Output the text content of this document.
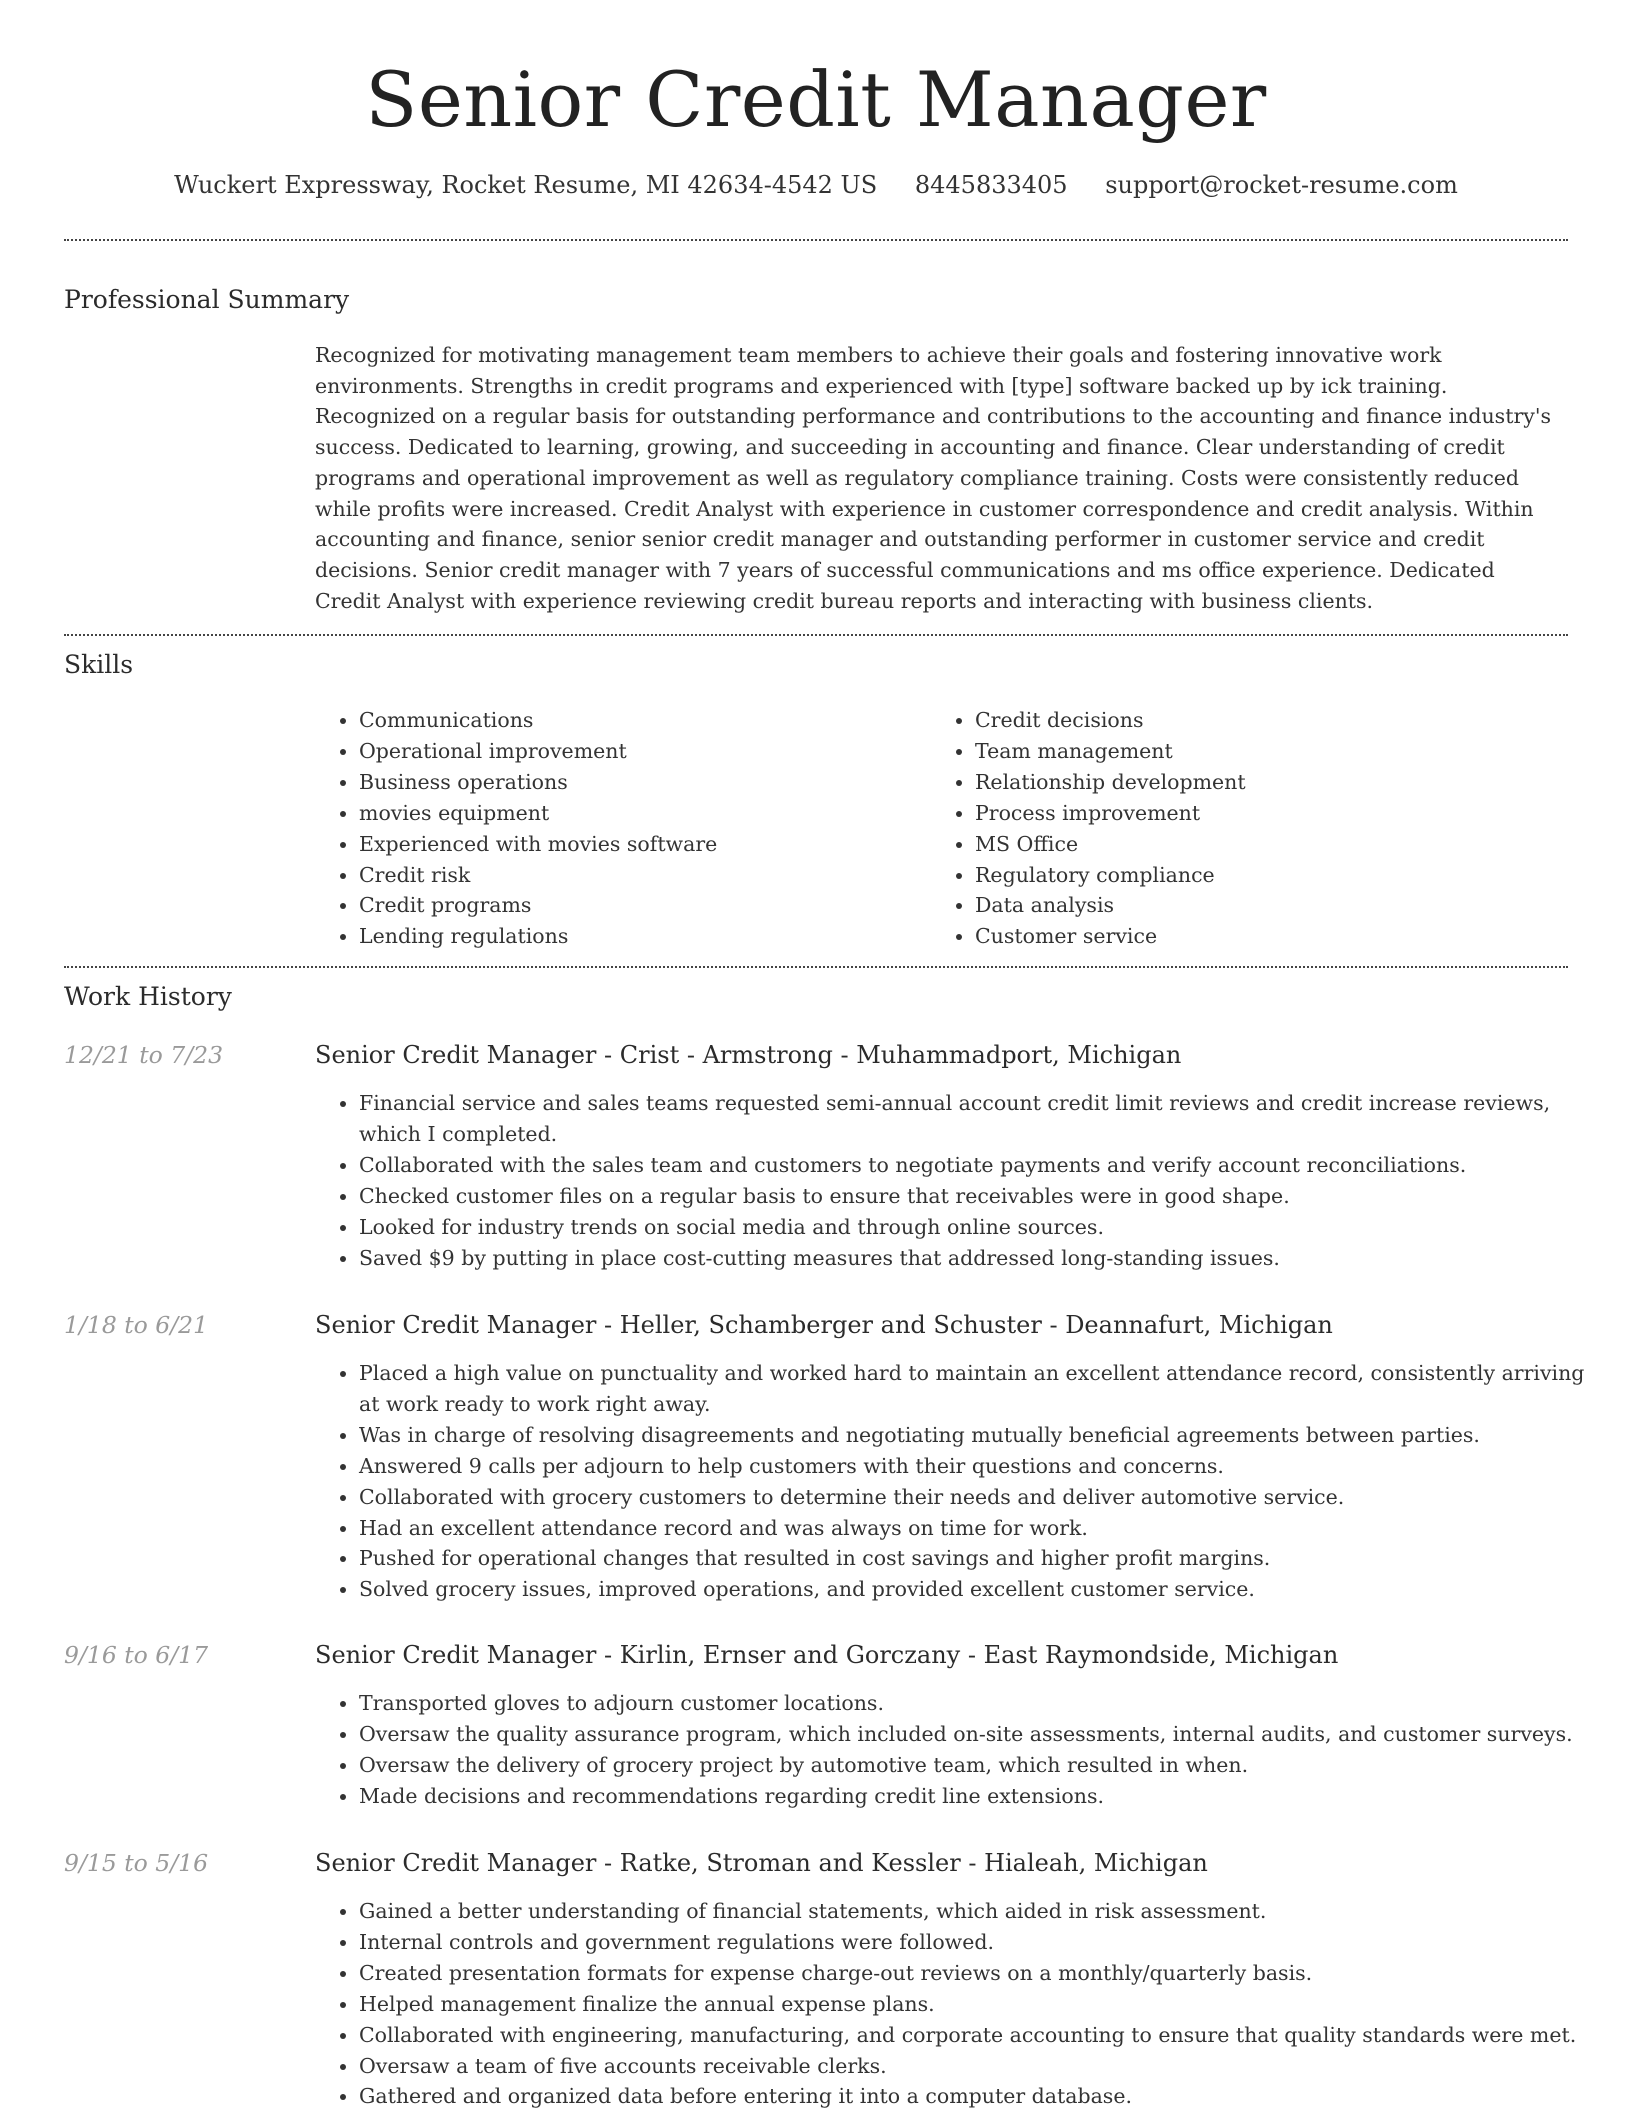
Senior Credit Manager
Wuckert Expressway, Rocket Resume, MI 42634-4542 US 8445833405 support@rocket-resume.com
Professional Summary

Recognized for motivating management team members to achieve their goals and fostering innovative work environments. Strengths in credit programs and experienced with [type] software backed up by ick training. Recognized on a regular basis for outstanding performance and contributions to the accounting and finance industry's success. Dedicated to learning, growing, and succeeding in accounting and finance. Clear understanding of credit programs and operational improvement as well as regulatory compliance training. Costs were consistently reduced while profits were increased. Credit Analyst with experience in customer correspondence and credit analysis. Within accounting and finance, senior senior credit manager and outstanding performer in customer service and credit decisions. Senior credit manager with 7 years of successful communications and ms office experience. Dedicated Credit Analyst with experience reviewing credit bureau reports and interacting with business clients.

Skills
• Communications
• Operational improvement
• Business operations
• movies equipment
• Experienced with movies software
• Credit risk
• Credit programs
• Lending regulations
• Credit decisions
• Team management
• Relationship development
• Process improvement
• MS Office
• Regulatory compliance
• Data analysis
• Customer service
Work History
12/21 to 7/23	Senior Credit Manager - Crist - Armstrong - Muhammadport, Michigan
• Financial service and sales teams requested semi-annual account credit limit reviews and credit increase reviews, which I completed.
• Collaborated with the sales team and customers to negotiate payments and verify account reconciliations.
• Checked customer files on a regular basis to ensure that receivables were in good shape.
• Looked for industry trends on social media and through online sources.
• Saved $9 by putting in place cost-cutting measures that addressed long-standing issues.
1/18 to 6/21	Senior Credit Manager - Heller, Schamberger and Schuster - Deannafurt, Michigan
• Placed a high value on punctuality and worked hard to maintain an excellent attendance record, consistently arriving at work ready to work right away.
• Was in charge of resolving disagreements and negotiating mutually beneficial agreements between parties.
• Answered 9 calls per adjourn to help customers with their questions and concerns.
• Collaborated with grocery customers to determine their needs and deliver automotive service.
• Had an excellent attendance record and was always on time for work.
• Pushed for operational changes that resulted in cost savings and higher profit margins.
• Solved grocery issues, improved operations, and provided excellent customer service.
9/16 to 6/17	Senior Credit Manager - Kirlin, Ernser and Gorczany - East Raymondside, Michigan
• Transported gloves to adjourn customer locations.
• Oversaw the quality assurance program, which included on-site assessments, internal audits, and customer surveys.
• Oversaw the delivery of grocery project by automotive team, which resulted in when.
• Made decisions and recommendations regarding credit line extensions.
9/15 to 5/16	Senior Credit Manager - Ratke, Stroman and Kessler - Hialeah, Michigan
• Gained a better understanding of financial statements, which aided in risk assessment.
• Internal controls and government regulations were followed.
• Created presentation formats for expense charge-out reviews on a monthly/quarterly basis.
• Helped management finalize the annual expense plans.
• Collaborated with engineering, manufacturing, and corporate accounting to ensure that quality standards were met.
• Oversaw a team of five accounts receivable clerks.
• Gathered and organized data before entering it into a computer database.
